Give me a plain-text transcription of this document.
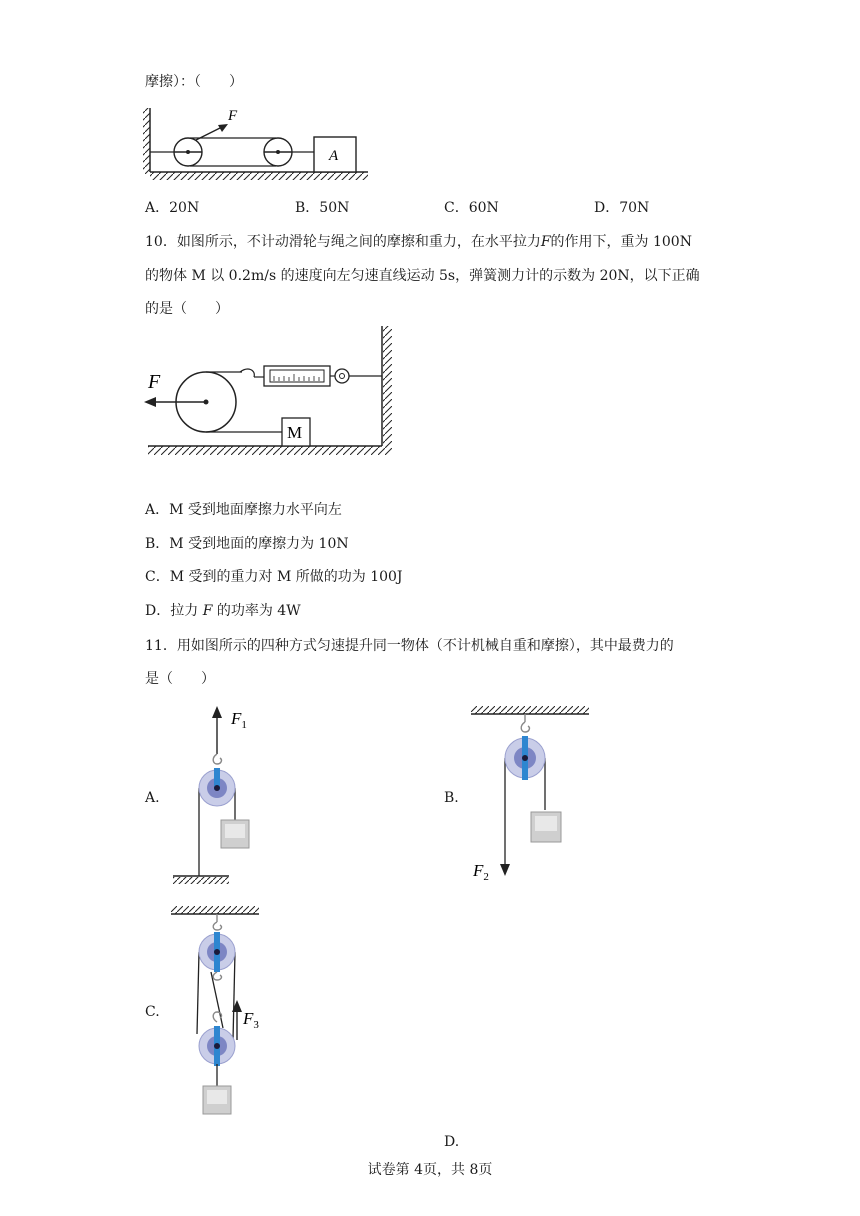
摩擦）：（　　）
F
A
A．20N	B．50N	C．60N	D．70N
10．如图所示，不计动滑轮与绳之间的摩擦和重力，在水平拉力F的作用下，重为 100N
的物体 M 以 0.2m/s 的速度向左匀速直线运动 5s，弹簧测力计的示数为 20N，以下正确
的是（　　）
F
M
A．M 受到地面摩擦力水平向左
B．M 受到地面的摩擦力为 10N
C．M 受到的重力对 M 所做的功为 100J
D．拉力 F 的功率为 4W
11．用如图所示的四种方式匀速提升同一物体（不计机械自重和摩擦），其中最费力的
是（　　）
A.
$F_1$
B.
$F_2$
C.	$F_3$
D.
试卷第 4页，共 8页
